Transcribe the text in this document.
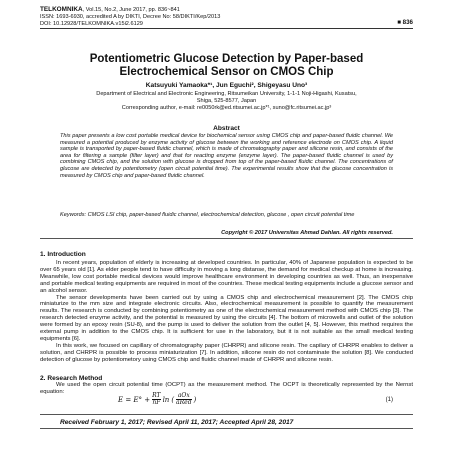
TELKOMNIKA, Vol.15, No.2, June 2017, pp. 836~841
ISSN: 1693-6930, accredited A by DIKTI, Decree No: 58/DIKTI/Kep/2013
DOI: 10.12928/TELKOMNIKA.v15i2.6129	■ 836
Potentiometric Glucose Detection by Paper-based
Electrochemical Sensor on CMOS Chip
Katsuyuki Yamaoka*¹, Jun Eguchi², Shigeyasu Uno³
Department of Electrical and Electronic Engineering, Ritsumeikan University, 1-1-1 Noji-Higashi, Kusatsu,
Shiga, 525-8577, Japan
Corresponding author, e-mail: re0050rk@ed.ritsumei.ac.jp*¹, suno@fc.ritsumei.ac.jp³
Abstract
This paper presents a low cost portable medical device for biochemical sensor using CMOS chip and paper-based fluidic channel. We measured a potential produced by enzyme activity of glucose between the working and reference electrode on CMOS chip. A liquid sample is transported by paper-based fluidic channel, which is made of chromatography paper and silicone resin, and consists of the area for filtering a sample (filter layer) and that for reacting enzyme (enzyme layer). The paper-based fluidic channel is used by combining CMOS chip, and the solution with glucose is dropped from top of the paper-based fluidic channel. The concentrations of glucose are detected by potentiometry (open circuit potential time). The experimental results show that the glucose concentration is measured by CMOS chip and paper-based fluidic channel.
Keywords: CMOS LSI chip, paper-based fluidic channel, electrochemical detection, glucose , open circuit potential time
Copyright © 2017 Universitas Ahmad Dahlan. All rights reserved.
1. Introduction

In recent years, population of elderly is increasing at developed countries. In particular, 40% of Japanese population is expected to be over 65 years old [1]. As elder people tend to have difficulty in moving a long distanse, the demand for medical checkup at home is increasing. Meanwhile, low cost portable medical devices would improve healthcare environment in developing countries as well. Thus, an inexpensive and portable medical testing equipments are required in most of the countries. These medical testing equipments include a glucose sensor and an alcohol sensor.

The sensor developments have been carried out by using a CMOS chip and electrochemical measurement [2]. The CMOS chip miniaturize to the mm size and integrate electronic circuits. Also, electrochemical measurement is possible to quantify the measurement results. The research is conducted by combining potentiometry as one of the electrochemical measurement method with CMOS chip [3]. The research detected enzyme activity, and the potential is measured by using the circuits [4]. The bottom of microwells and outlet of the solution were formed by an epoxy resin (SU-8), and the pump is used to deliver the solution from the outlet [4, 5]. However, this method requires the external pump in addition to the CMOS chip. It is sufficient for use in the laboratory, but it is not suitable as the small medical testing equipments [6].

In this work, we focused on capillary of chromatography paper (CHRPR) and silicone resin. The capilary of CHRPR enables to deliver a solution, and CHRPR is possible to process miniaturization [7]. In addition, silicone resin do not contaminate the solution [8]. We conducted detection of glucose by potentiometory using CMOS chip and fluidic channel made of CHRPR and silicone resin.

2. Research Method

We used the open circuit potential time (OCPT) as the measurement method. The OCPT is theoretically represented by the Nernst equation:

$E = E^\circ + \frac{RT}{nF}$ ln ( $\frac{\text{aOx}}{\text{aRed}}$ )	(1)
Received February 1, 2017; Revised April 11, 2017; Accepted April 28, 2017
